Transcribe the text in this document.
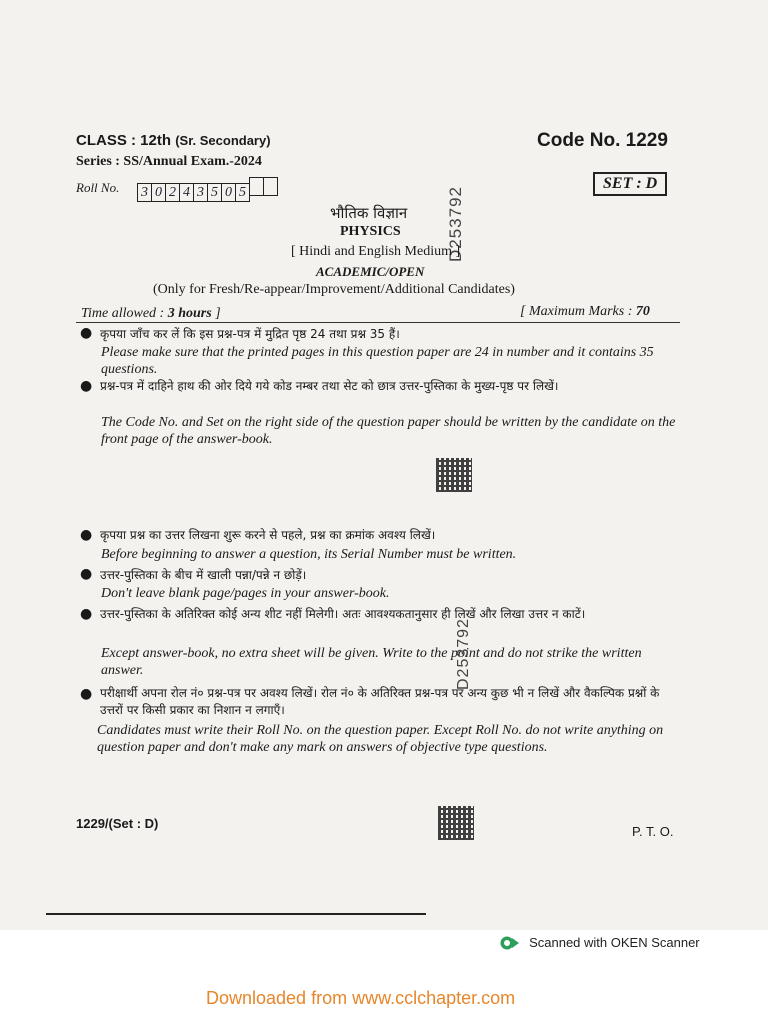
CLASS : 12th (Sr. Secondary)	Code No. 1229
Series : SS/Annual Exam.-2024
Roll No. 3 0 2 4 3 5 0 5
SET : D
D253792
भौतिक विज्ञान
PHYSICS
[ Hindi and English Medium ]
ACADEMIC/OPEN
(Only for Fresh/Re-appear/Improvement/Additional Candidates)
Time allowed : 3 hours ]	[ Maximum Marks : 70
● कृपया जाँच कर लें कि इस प्रश्न-पत्र में मुद्रित पृष्ठ 24 तथा प्रश्न 35 हैं।
Please make sure that the printed pages in this question paper are 24 in number and it contains 35 questions.
● प्रश्न-पत्र में दाहिने हाथ की ओर दिये गये कोड नम्बर तथा सेट को छात्र उत्तर-पुस्तिका के मुख्य-पृष्ठ पर लिखें।
The Code No. and Set on the right side of the question paper should be written by the candidate on the front page of the answer-book.
● कृपया प्रश्न का उत्तर लिखना शुरू करने से पहले, प्रश्न का क्रमांक अवश्य लिखें।
Before beginning to answer a question, its Serial Number must be written.
● उत्तर-पुस्तिका के बीच में खाली पन्ना/पन्ने न छोड़ें।
Don't leave blank page/pages in your answer-book.
● उत्तर-पुस्तिका के अतिरिक्त कोई अन्य शीट नहीं मिलेगी। अतः आवश्यकतानुसार ही लिखें और लिखा उत्तर न काटें।
Except answer-book, no extra sheet will be given. Write to the point and do not strike the written answer.	D253792
● परीक्षार्थी अपना रोल नं० प्रश्न-पत्र पर अवश्य लिखें। रोल नं० के अतिरिक्त प्रश्न-पत्र पर अन्य कुछ भी न लिखें और वैकल्पिक प्रश्नों के उत्तरों पर किसी प्रकार का निशान न लगाएँ।
Candidates must write their Roll No. on the question paper. Except Roll No. do not write anything on question paper and don't make any mark on answers of objective type questions.
1229/(Set : D)
P. T. O.
Scanned with OKEN Scanner
Downloaded from www.cclchapter.com
